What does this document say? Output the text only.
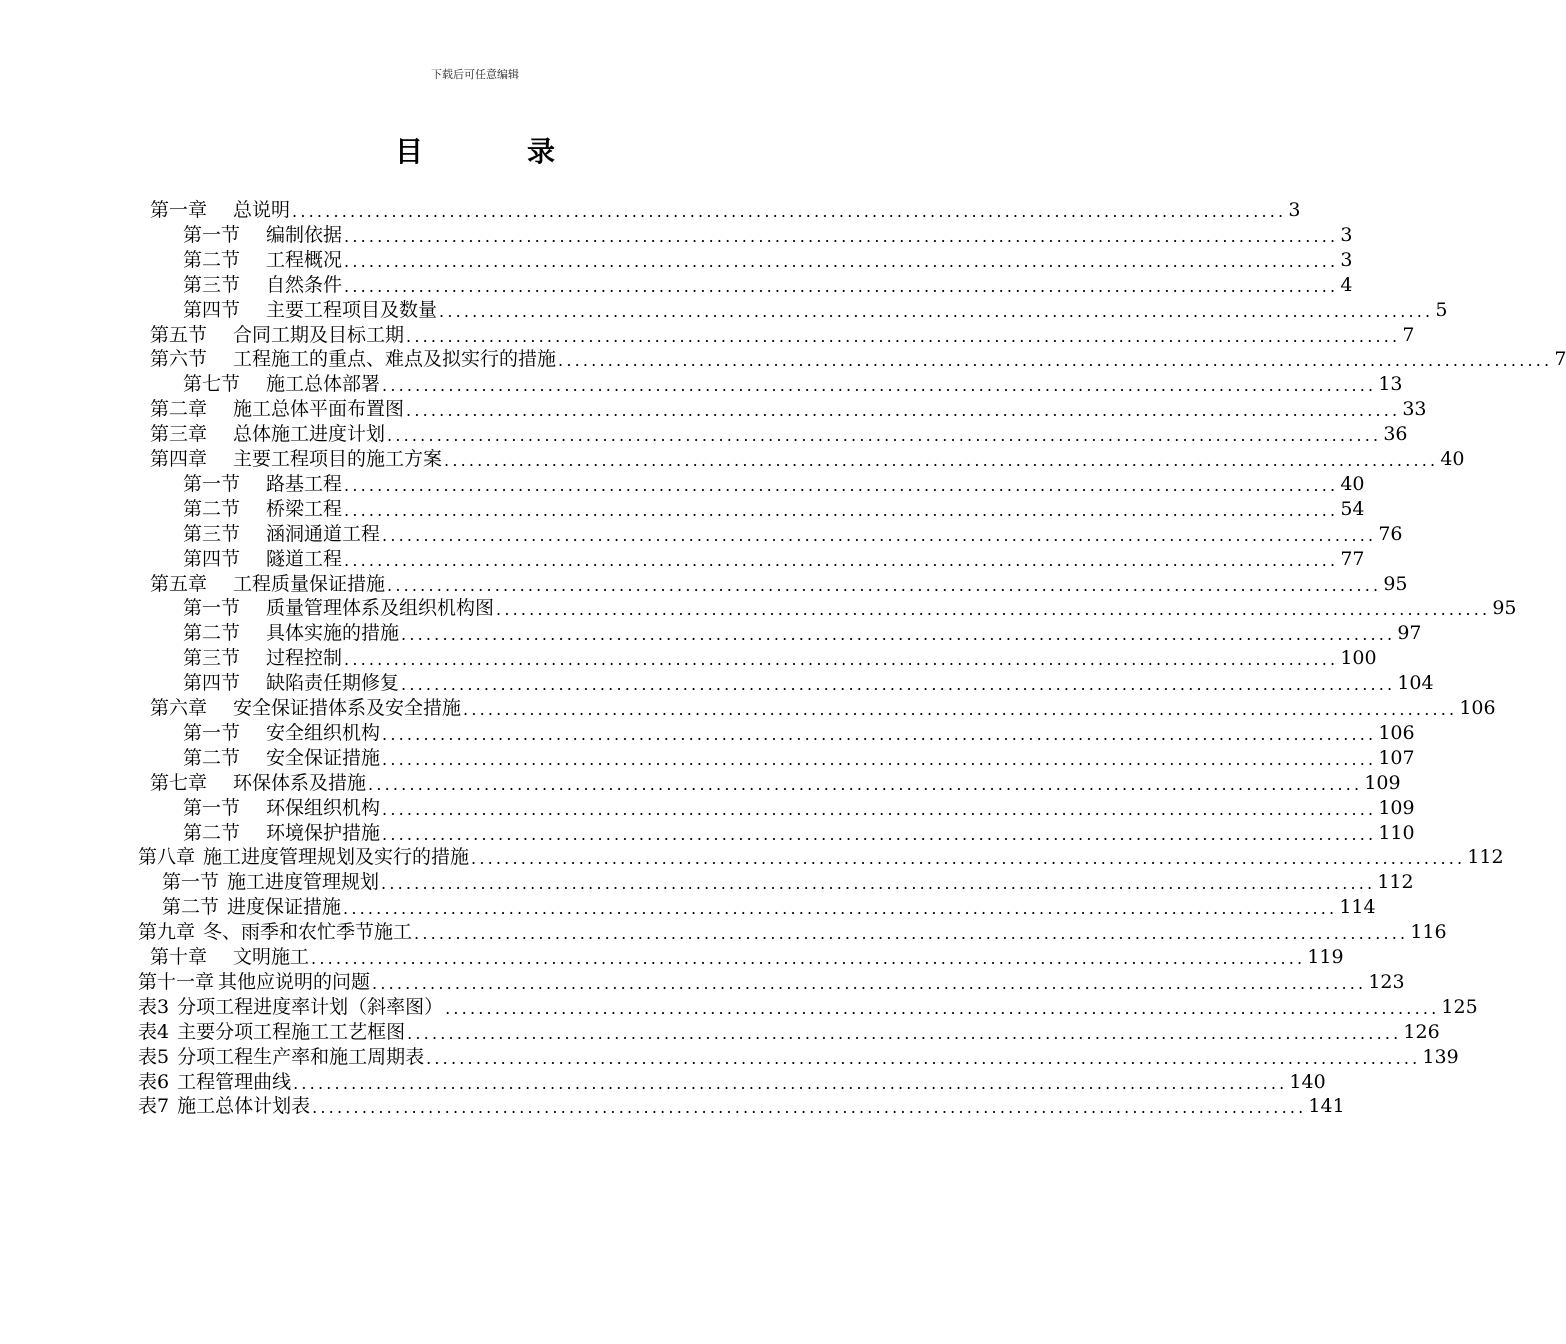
下载后可任意编辑
目	录
第一章 总说明 ........................................................................................................................ 3
第一节 编制依据 ........................................................................................................................ 3
第二节 工程概况 ........................................................................................................................ 3
第三节 自然条件 ........................................................................................................................ 4
第四节 主要工程项目及数量 ........................................................................................................................ 5
第五节 合同工期及目标工期 ........................................................................................................................ 7
第六节 工程施工的重点、难点及拟实行的措施 ........................................................................................................................ 7
第七节 施工总体部署 ........................................................................................................................ 13
第二章 施工总体平面布置图 ........................................................................................................................ 33
第三章 总体施工进度计划 ........................................................................................................................ 36
第四章 主要工程项目的施工方案 ........................................................................................................................ 40
第一节 路基工程 ........................................................................................................................ 40
第二节 桥梁工程 ........................................................................................................................ 54
第三节 涵洞通道工程 ........................................................................................................................ 76
第四节 隧道工程 ........................................................................................................................ 77
第五章 工程质量保证措施 ........................................................................................................................ 95
第一节 质量管理体系及组织机构图 ........................................................................................................................ 95
第二节 具体实施的措施 ........................................................................................................................ 97
第三节 过程控制 ........................................................................................................................ 100
第四节 缺陷责任期修复 ........................................................................................................................ 104
第六章 安全保证措体系及安全措施 ........................................................................................................................ 106
第一节 安全组织机构 ........................................................................................................................ 106
第二节 安全保证措施 ........................................................................................................................ 107
第七章 环保体系及措施 ........................................................................................................................ 109
第一节 环保组织机构 ........................................................................................................................ 109
第二节 环境保护措施 ........................................................................................................................ 110
第八章 施工进度管理规划及实行的措施 ........................................................................................................................ 112
第一节 施工进度管理规划 ........................................................................................................................ 112
第二节 进度保证措施 ........................................................................................................................ 114
第九章 冬、雨季和农忙季节施工 ........................................................................................................................ 116
第十章 文明施工 ........................................................................................................................ 119
第十一章 其他应说明的问题 ........................................................................................................................ 123
表3 分项工程进度率计划（斜率图） ........................................................................................................................ 125
表4 主要分项工程施工工艺框图 ........................................................................................................................ 126
表5 分项工程生产率和施工周期表 ........................................................................................................................ 139
表6 工程管理曲线 ........................................................................................................................ 140
表7 施工总体计划表 ........................................................................................................................ 141
